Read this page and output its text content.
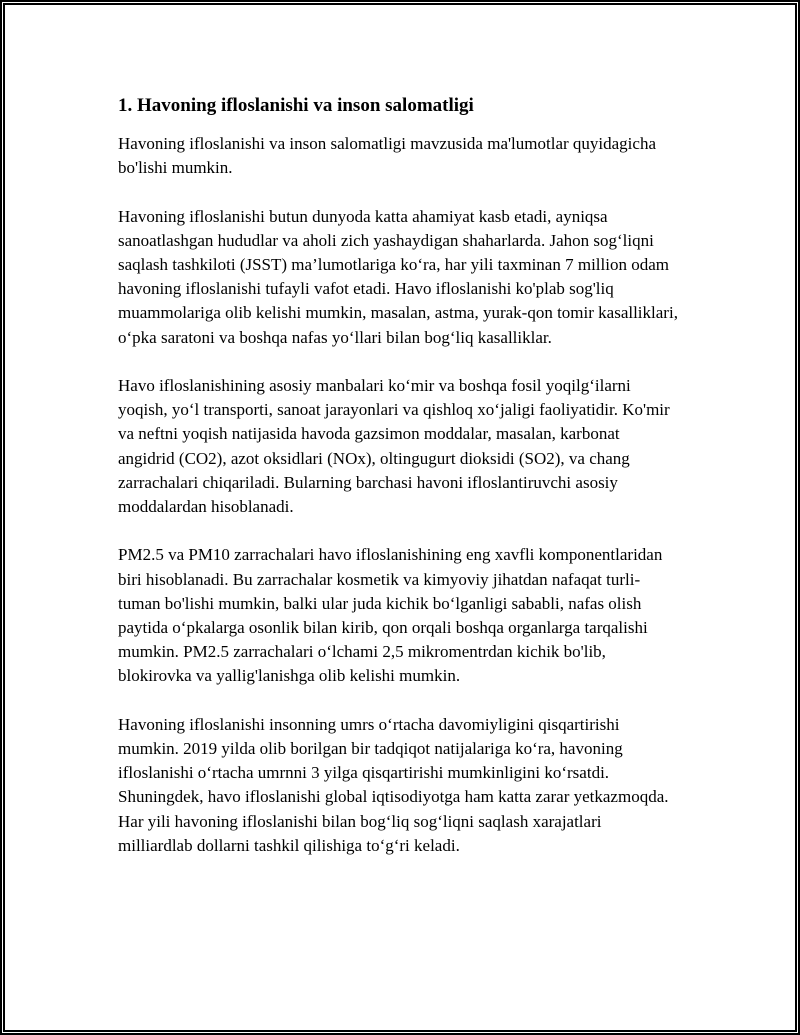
1. Havoning ifloslanishi va inson salomatligi

Havoning ifloslanishi va inson salomatligi mavzusida ma'lumotlar quyidagicha bo'lishi mumkin.

Havoning ifloslanishi butun dunyoda katta ahamiyat kasb etadi, ayniqsa sanoatlashgan hududlar va aholi zich yashaydigan shaharlarda. Jahon sog‘liqni saqlash tashkiloti (JSST) ma’lumotlariga ko‘ra, har yili taxminan 7 million odam havoning ifloslanishi tufayli vafot etadi. Havo ifloslanishi ko'plab sog'liq muammolariga olib kelishi mumkin, masalan, astma, yurak-qon tomir kasalliklari, o‘pka saratoni va boshqa nafas yo‘llari bilan bog‘liq kasalliklar.

Havo ifloslanishining asosiy manbalari ko‘mir va boshqa fosil yoqilg‘ilarni yoqish, yo‘l transporti, sanoat jarayonlari va qishloq xo‘jaligi faoliyatidir. Ko'mir va neftni yoqish natijasida havoda gazsimon moddalar, masalan, karbonat angidrid (CO2), azot oksidlari (NOx), oltingugurt dioksidi (SO2), va chang zarrachalari chiqariladi. Bularning barchasi havoni ifloslantiruvchi asosiy moddalardan hisoblanadi.

PM2.5 va PM10 zarrachalari havo ifloslanishining eng xavfli komponentlaridan biri hisoblanadi. Bu zarrachalar kosmetik va kimyoviy jihatdan nafaqat turli-tuman bo'lishi mumkin, balki ular juda kichik bo‘lganligi sababli, nafas olish paytida o‘pkalarga osonlik bilan kirib, qon orqali boshqa organlarga tarqalishi mumkin. PM2.5 zarrachalari o‘lchami 2,5 mikromentrdan kichik bo'lib, blokirovka va yallig'lanishga olib kelishi mumkin.

Havoning ifloslanishi insonning umrs o‘rtacha davomiyligini qisqartirishi mumkin. 2019 yilda olib borilgan bir tadqiqot natijalariga ko‘ra, havoning ifloslanishi o‘rtacha umrnni 3 yilga qisqartirishi mumkinligini ko‘rsatdi. Shuningdek, havo ifloslanishi global iqtisodiyotga ham katta zarar yetkazmoqda. Har yili havoning ifloslanishi bilan bog‘liq sog‘liqni saqlash xarajatlari milliardlab dollarni tashkil qilishiga to‘g‘ri keladi.
